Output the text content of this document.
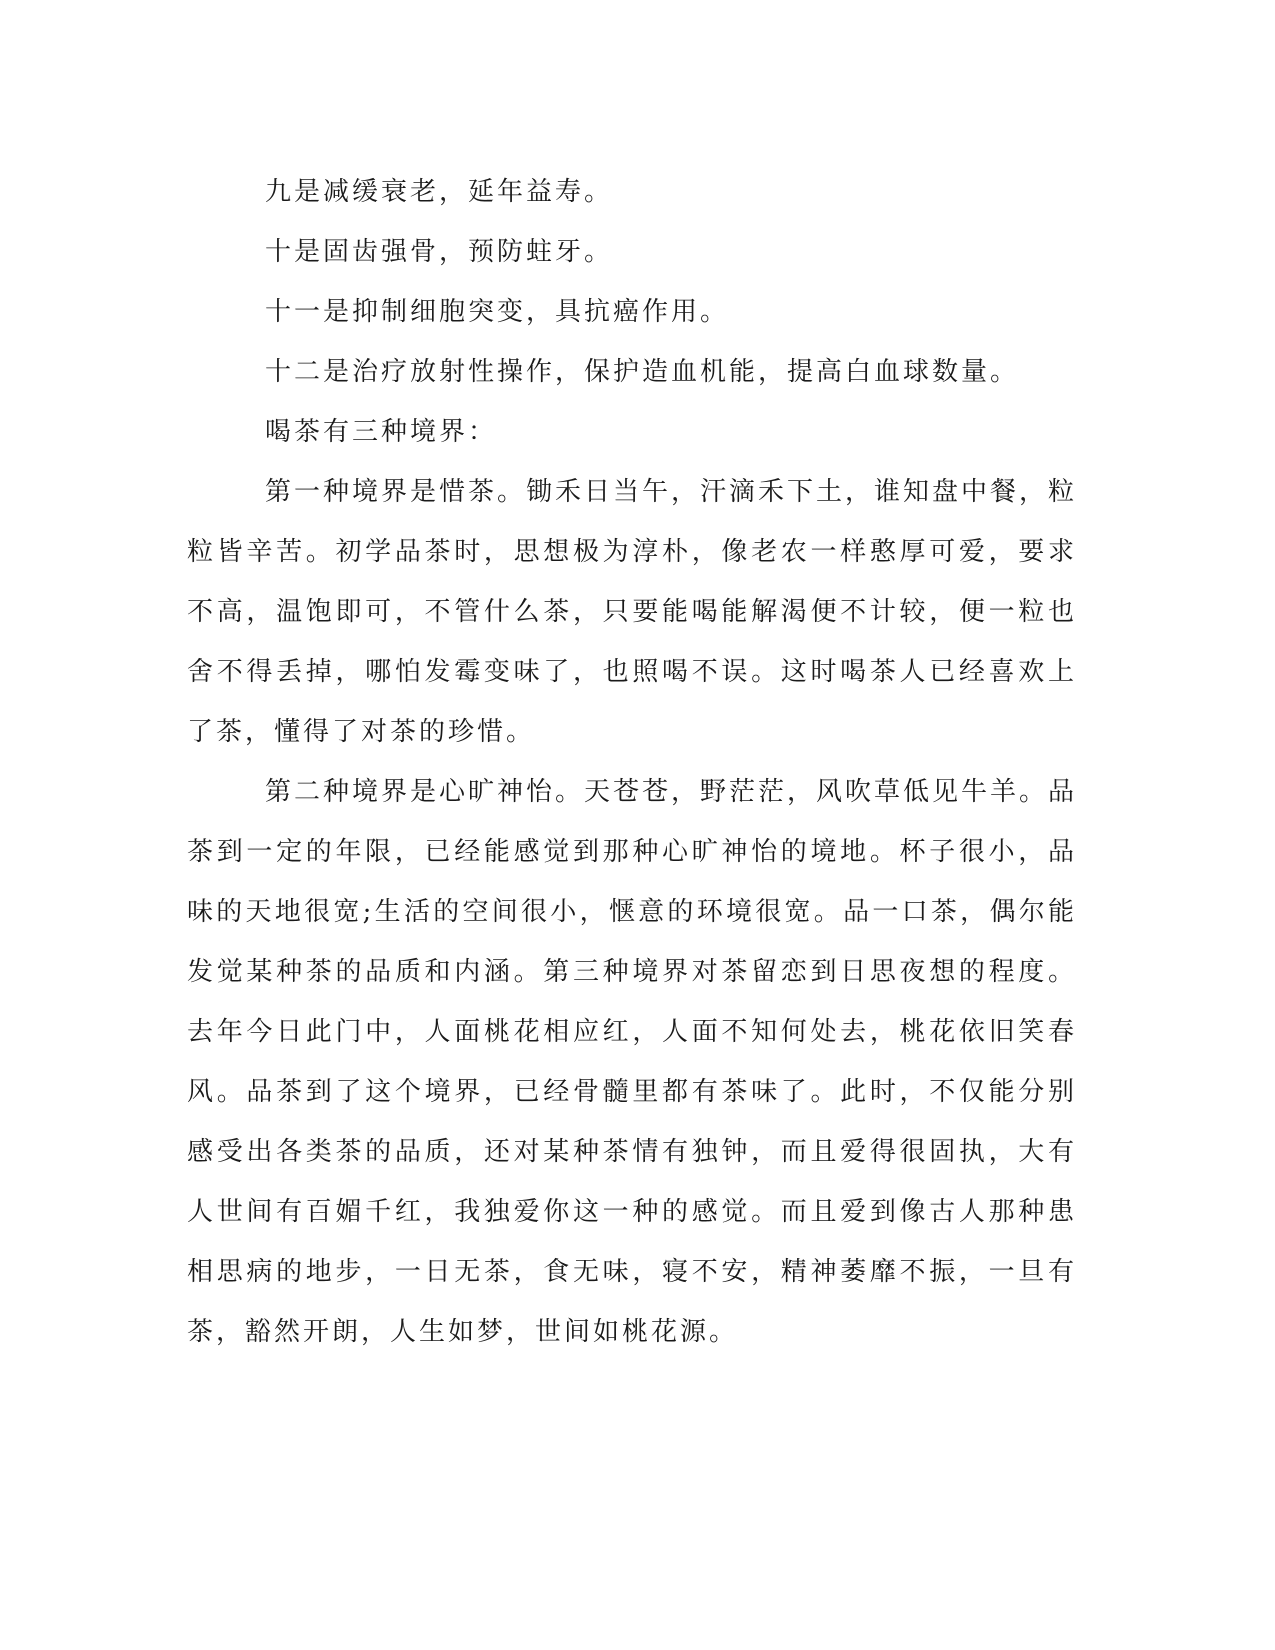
九是减缓衰老，延年益寿。

十是固齿强骨，预防蛀牙。

十一是抑制细胞突变，具抗癌作用。

十二是治疗放射性操作，保护造血机能，提高白血球数量。

喝茶有三种境界：

第一种境界是惜茶。锄禾日当午，汗滴禾下土，谁知盘中餐，粒粒皆辛苦。初学品茶时，思想极为淳朴，像老农一样憨厚可爱，要求不高，温饱即可，不管什么茶，只要能喝能解渴便不计较，便一粒也舍不得丢掉，哪怕发霉变味了，也照喝不误。这时喝茶人已经喜欢上了茶，懂得了对茶的珍惜。

第二种境界是心旷神怡。天苍苍，野茫茫，风吹草低见牛羊。品茶到一定的年限，已经能感觉到那种心旷神怡的境地。杯子很小，品味的天地很宽;生活的空间很小，惬意的环境很宽。品一口茶，偶尔能发觉某种茶的品质和内涵。第三种境界对茶留恋到日思夜想的程度。去年今日此门中，人面桃花相应红，人面不知何处去，桃花依旧笑春风。品茶到了这个境界，已经骨髓里都有茶味了。此时，不仅能分别感受出各类茶的品质，还对某种茶情有独钟，而且爱得很固执，大有人世间有百媚千红，我独爱你这一种的感觉。而且爱到像古人那种患相思病的地步，一日无茶，食无味，寝不安，精神萎靡不振，一旦有茶，豁然开朗，人生如梦，世间如桃花源。
